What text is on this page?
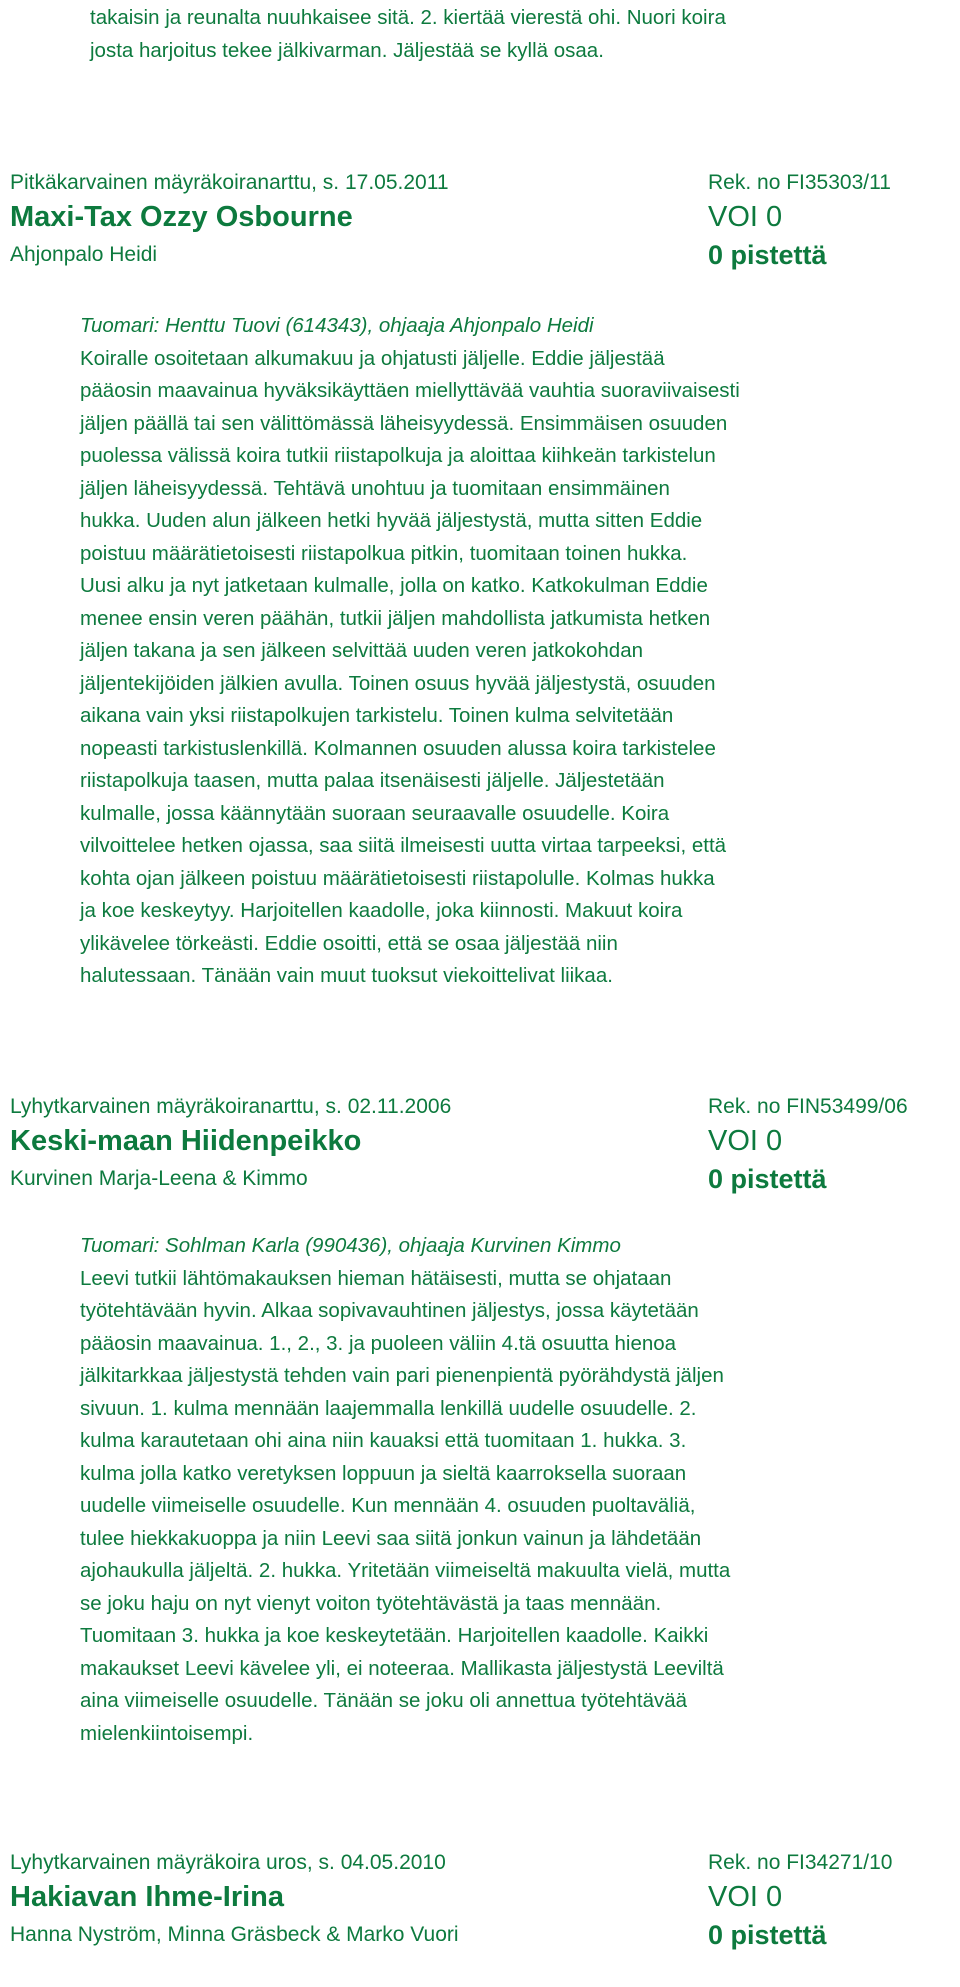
takaisin ja reunalta nuuhkaisee sitä. 2. kiertää vierestä ohi. Nuori koira

josta harjoitus tekee jälkivarman. Jäljestää se kyllä osaa.

Pitkäkarvainen mäyräkoiranarttu, s. 17.05.2011	Rek. no FI35303/11
Maxi-Tax Ozzy Osbourne	VOI 0
Ahjonpalo Heidi	0 pistettä

Tuomari: Henttu Tuovi (614343), ohjaaja Ahjonpalo Heidi

Koiralle osoitetaan alkumakuu ja ohjatusti jäljelle. Eddie jäljestää

pääosin maavainua hyväksikäyttäen miellyttävää vauhtia suoraviivaisesti

jäljen päällä tai sen välittömässä läheisyydessä. Ensimmäisen osuuden

puolessa välissä koira tutkii riistapolkuja ja aloittaa kiihkeän tarkistelun

jäljen läheisyydessä. Tehtävä unohtuu ja tuomitaan ensimmäinen

hukka. Uuden alun jälkeen hetki hyvää jäljestystä, mutta sitten Eddie

poistuu määrätietoisesti riistapolkua pitkin, tuomitaan toinen hukka.

Uusi alku ja nyt jatketaan kulmalle, jolla on katko. Katkokulman Eddie

menee ensin veren päähän, tutkii jäljen mahdollista jatkumista hetken

jäljen takana ja sen jälkeen selvittää uuden veren jatkokohdan

jäljentekijöiden jälkien avulla. Toinen osuus hyvää jäljestystä, osuuden

aikana vain yksi riistapolkujen tarkistelu. Toinen kulma selvitetään

nopeasti tarkistuslenkillä. Kolmannen osuuden alussa koira tarkistelee

riistapolkuja taasen, mutta palaa itsenäisesti jäljelle. Jäljestetään

kulmalle, jossa käännytään suoraan seuraavalle osuudelle. Koira

vilvoittelee hetken ojassa, saa siitä ilmeisesti uutta virtaa tarpeeksi, että

kohta ojan jälkeen poistuu määrätietoisesti riistapolulle. Kolmas hukka

ja koe keskeytyy. Harjoitellen kaadolle, joka kiinnosti. Makuut koira

ylikävelee törkeästi. Eddie osoitti, että se osaa jäljestää niin

halutessaan. Tänään vain muut tuoksut viekoittelivat liikaa.

Lyhytkarvainen mäyräkoiranarttu, s. 02.11.2006	Rek. no FIN53499/06
Keski-maan Hiidenpeikko	VOI 0
Kurvinen Marja-Leena & Kimmo	0 pistettä

Tuomari: Sohlman Karla (990436), ohjaaja Kurvinen Kimmo

Leevi tutkii lähtömakauksen hieman hätäisesti, mutta se ohjataan

työtehtävään hyvin. Alkaa sopivavauhtinen jäljestys, jossa käytetään

pääosin maavainua. 1., 2., 3. ja puoleen väliin 4.tä osuutta hienoa

jälkitarkkaa jäljestystä tehden vain pari pienenpientä pyörähdystä jäljen

sivuun. 1. kulma mennään laajemmalla lenkillä uudelle osuudelle. 2.

kulma karautetaan ohi aina niin kauaksi että tuomitaan 1. hukka. 3.

kulma jolla katko veretyksen loppuun ja sieltä kaarroksella suoraan

uudelle viimeiselle osuudelle. Kun mennään 4. osuuden puoltaväliä,

tulee hiekkakuoppa ja niin Leevi saa siitä jonkun vainun ja lähdetään

ajohaukulla jäljeltä. 2. hukka. Yritetään viimeiseltä makuulta vielä, mutta

se joku haju on nyt vienyt voiton työtehtävästä ja taas mennään.

Tuomitaan 3. hukka ja koe keskeytetään. Harjoitellen kaadolle. Kaikki

makaukset Leevi kävelee yli, ei noteeraa. Mallikasta jäljestystä Leeviltä

aina viimeiselle osuudelle. Tänään se joku oli annettua työtehtävää

mielenkiintoisempi.

Lyhytkarvainen mäyräkoira uros, s. 04.05.2010	Rek. no FI34271/10
Hakiavan Ihme-Irina	VOI 0
Hanna Nyström, Minna Gräsbeck & Marko Vuori	0 pistettä
